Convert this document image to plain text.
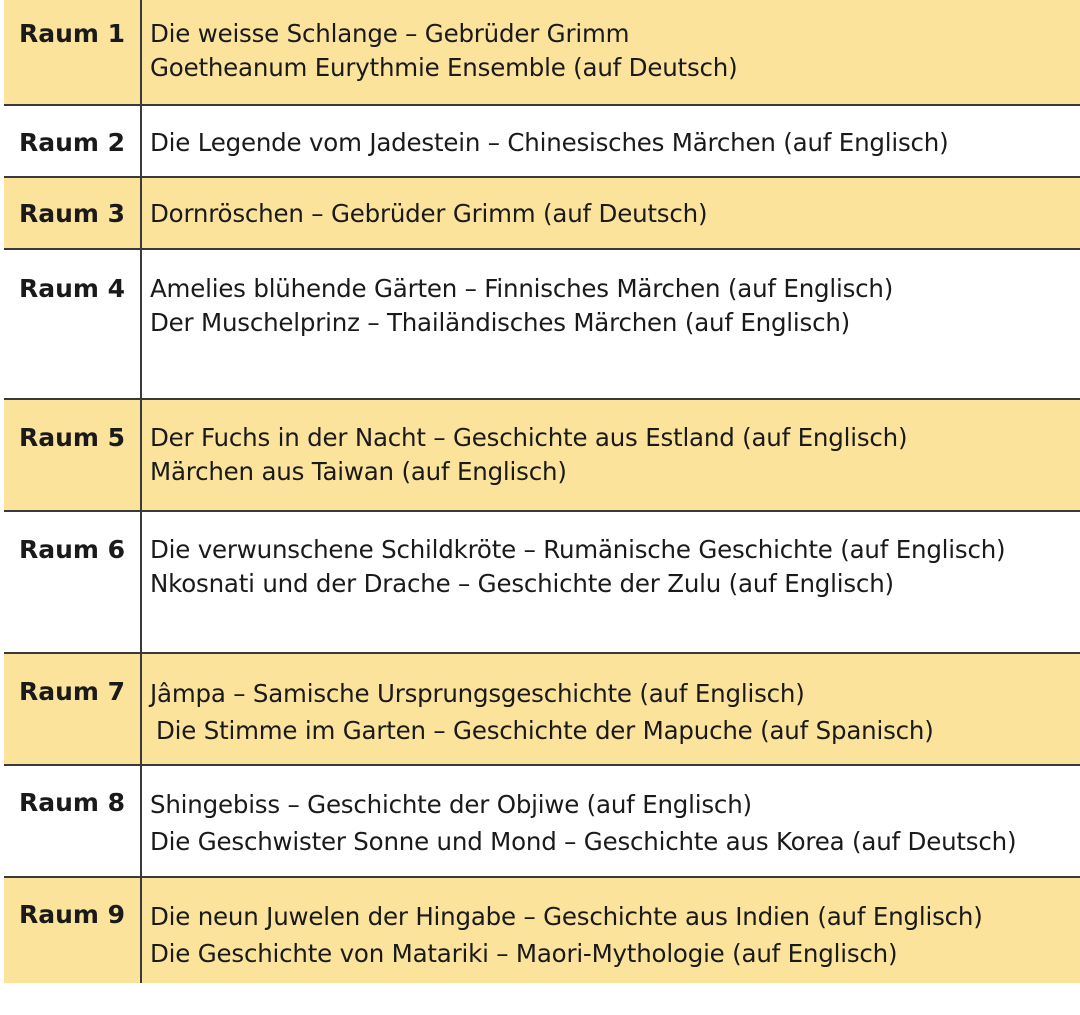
Raum 1	Die weisse Schlange – Gebrüder Grimm
Goetheanum Eurythmie Ensemble (auf Deutsch)
Raum 2	Die Legende vom Jadestein – Chinesisches Märchen (auf Englisch)
Raum 3	Dornröschen – Gebrüder Grimm (auf Deutsch)
Raum 4	Amelies blühende Gärten – Finnisches Märchen (auf Englisch)
Der Muschelprinz – Thailändisches Märchen (auf Englisch)
Raum 5	Der Fuchs in der Nacht – Geschichte aus Estland (auf Englisch)
Märchen aus Taiwan (auf Englisch)
Raum 6	Die verwunschene Schildkröte – Rumänische Geschichte (auf Englisch)
Nkosnati und der Drache – Geschichte der Zulu (auf Englisch)
Raum 7	Jâmpa – Samische Ursprungsgeschichte (auf Englisch)
Die Stimme im Garten – Geschichte der Mapuche (auf Spanisch)
Raum 8	Shingebiss – Geschichte der Objiwe (auf Englisch)
Die Geschwister Sonne und Mond – Geschichte aus Korea (auf Deutsch)
Raum 9	Die neun Juwelen der Hingabe – Geschichte aus Indien (auf Englisch)
Die Geschichte von Matariki – Maori-Mythologie (auf Englisch)
